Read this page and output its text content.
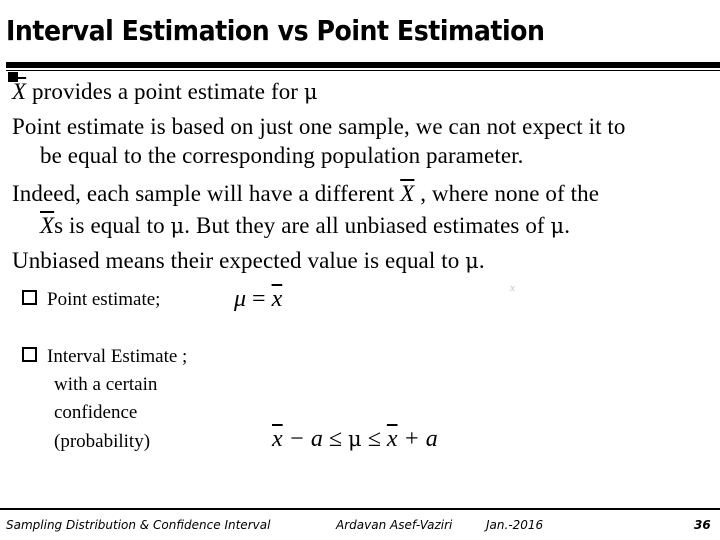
Interval Estimation vs Point Estimation
$\overline{X}$ provides a point estimate for μ
Point estimate is based on just one sample, we can not expect it to
be equal to the corresponding population parameter.
Indeed, each sample will have a different $\overline{X}$ , where none of the
$\overline{X}s$ is equal to μ. But they are all unbiased estimates of μ.
Unbiased means their expected value is equal to μ.
Point estimate;	$\mu = \overline{x}$	x
Interval Estimate ;
with a certain
confidence
(probability)	$\overline{x} - a \le \mu \le \overline{x} + a$
Sampling Distribution & Confidence Interval	Ardavan Asef-Vaziri	Jan.-2016	36
